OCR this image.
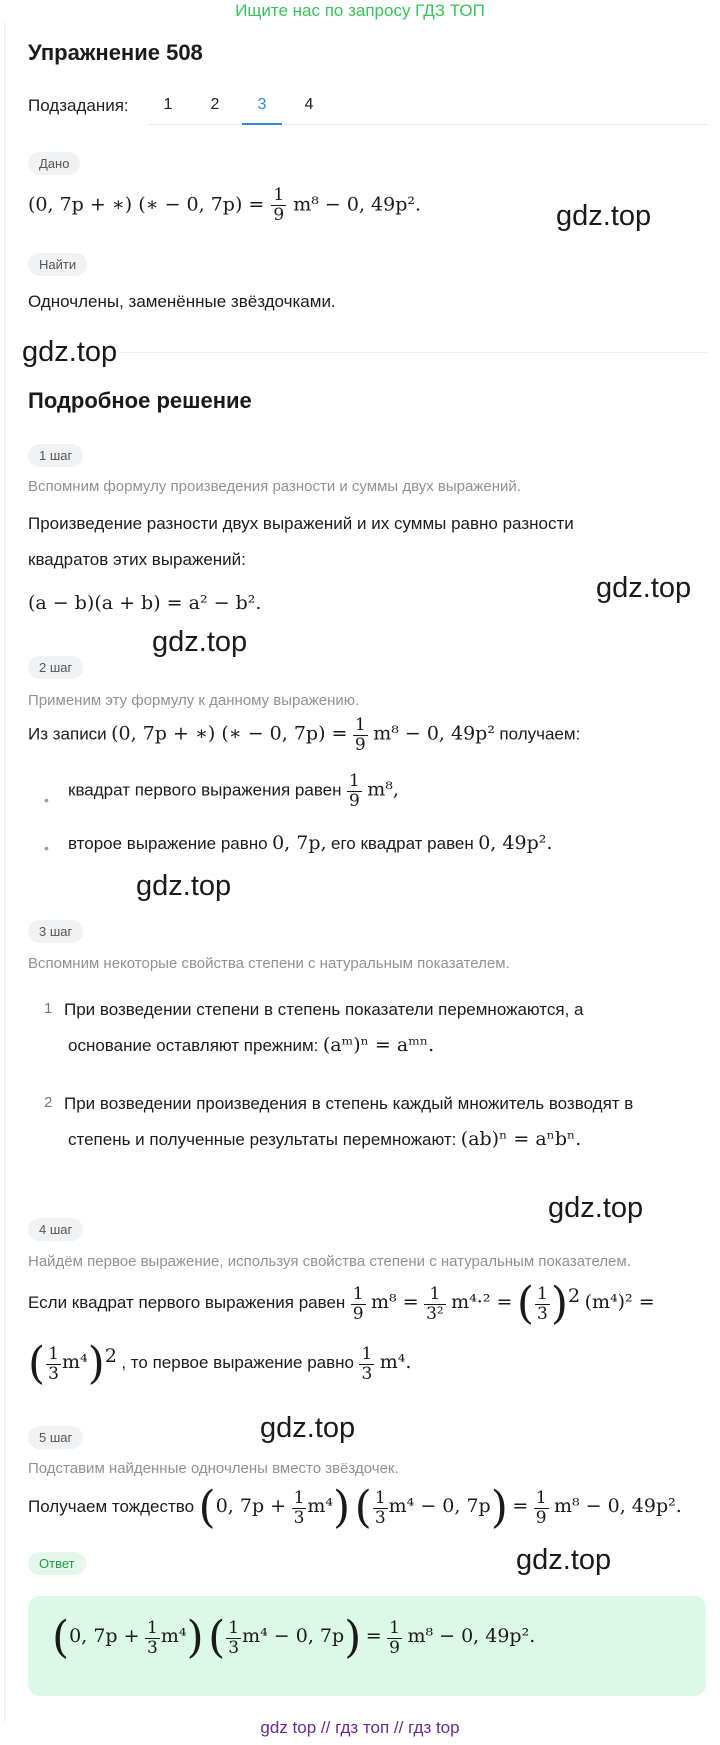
Ищите нас по запросу ГДЗ ТОП
Упражнение 508
Подзадания:	1	2	3	4
Дано
(0, 7p + ∗) (∗ − 0, $7p) = \frac{1}{9} m^8 - 0$, 49p².
Найти
Одночлены, заменённые звёздочками.
Подробное решение
1 шаг
Вспомним формулу произведения разности и суммы двух выражений.
Произведение разности двух выражений и их суммы равно разности
квадратов этих выражений:
(a − b)(a + b) = a² − b².
2 шаг
Применим эту формулу к данному выражению.
Из записи (0, 7p + ∗) (∗ − 0, $7p) = \frac{1}{9} m^8 - 0$, 49p² получаем:
•
квадрат первого выражения равен $\frac{1}{9} m^8$,
• второе выражение равно 0, 7p, его квадрат равен 0, 49p².
3 шаг
Вспомним некоторые свойства степени с натуральным показателем.
1 При возведении степени в степень показатели перемножаются, а
основание оставляют прежним: (aᵐ)ⁿ = aᵐⁿ.
2 При возведении произведения в степень каждый множитель возводят в
степень и полученные результаты перемножают: (ab)ⁿ = aⁿbⁿ.
4 шаг
Найдём первое выражение, используя свойства степени с натуральным показателем.
Если квадрат первого выражения равен $\frac{1}{9} m^8 = \frac{1}{\text{3²}} m^4\cdot^2$ = ( $\frac{1}{3} )^2$ (m⁴)² =
( $\frac{1}{3} m^4)^2$ , то первое выражение равно $\frac{1}{3} m^4$.
5 шаг
Подставим найденные одночлены вместо звёздочек.
Получаем тождество (0, $7p + \frac{1}{3} m^4$) ( $\frac{1}{3} m^4 - 0$, $7p) = \frac{1}{9} m^8 - 0$, 49p².
Ответ
(0, $7p + \frac{1}{3} m^4$) ( $\frac{1}{3} m^4 - 0$, $7p) = \frac{1}{9} m^8 - 0$, 49p².
gdz.top
gdz.top
gdz.top
gdz.top
gdz.top
gdz.top
gdz.top
gdz.top
gdz top // гдз топ // гдз top
